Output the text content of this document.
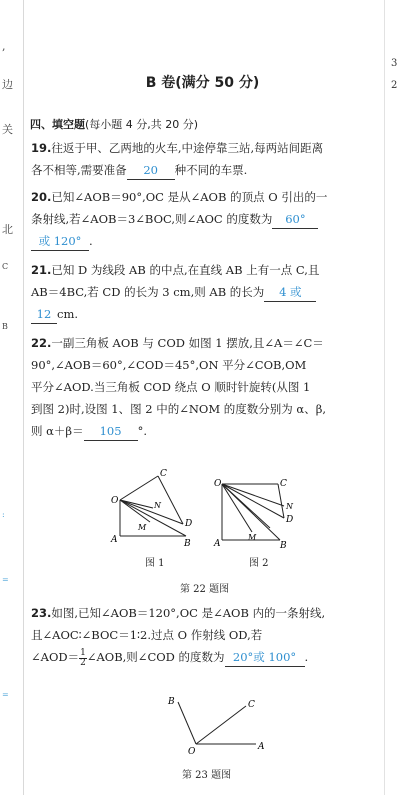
,
边
关
北
C
B
:
=
=
3
2
B 卷(满分 50 分)
四、填空题(每小题 4 分,共 20 分)
19.往返于甲、乙两地的火车,中途停靠三站,每两站间距离
各不相等,需要准备 20 种不同的车票.
20.已知∠AOB＝90°,OC 是从∠AOB 的顶点 O 引出的一
条射线,若∠AOB＝3∠BOC,则∠AOC 的度数为 60°
或 120° .
21.已知 D 为线段 AB 的中点,在直线 AB 上有一点 C,且
AB＝4BC,若 CD 的长为 3 cm,则 AB 的长为 4 或
12 cm.
22.一副三角板 AOB 与 COD 如图 1 摆放,且∠A＝∠C＝
90°,∠AOB＝60°,∠COD＝45°,ON 平分∠COB,OM
平分∠AOD.当三角板 COD 绕点 O 顺时针旋转(从图 1
到图 2)时,设图 1、图 2 中的∠NOM 的度数分别为 α、β,
则 α＋β＝ 105 °.
O
C
D
N
M
A	B
图 1
O	C
N
D
M
A	B
图 2
第 22 题图
23.如图,已知∠AOB＝120°,OC 是∠AOB 内的一条射线,
且∠AOC∶∠BOC＝1∶2.过点 O 作射线 OD,若
∠AOD＝ $\frac{1}{2}$ ∠AOB,则∠COD 的度数为 20°或 100° .
B	C
O	A
第 23 题图
